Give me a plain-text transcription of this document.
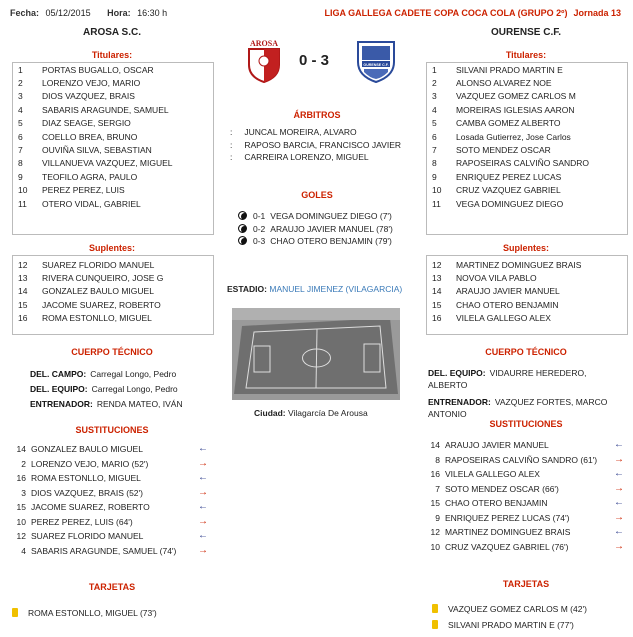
Fecha: 05/12/2015 Hora: 16:30 h	LIGA GALLEGA CADETE COPA COCA COLA (GRUPO 2º) Jornada 13
AROSA S.C.	OURENSE C.F.
AROSA
0 - 3	OURENSE C.F.
Titulares:
1	PORTAS BUGALLO, OSCAR
2	LORENZO VEJO, MARIO
3	DIOS VAZQUEZ, BRAIS
4	SABARIS ARAGUNDE, SAMUEL
5	DIAZ SEAGE, SERGIO
6	COELLO BREA, BRUNO
7	OUVIÑA SILVA, SEBASTIAN
8	VILLANUEVA VAZQUEZ, MIGUEL
9	TEOFILO AGRA, PAULO
10	PEREZ PEREZ, LUIS
11	OTERO VIDAL, GABRIEL
Suplentes:
12	SUAREZ FLORIDO MANUEL
13	RIVERA CUNQUEIRO, JOSE G
14	GONZALEZ BAULO MIGUEL
15	JACOME SUAREZ, ROBERTO
16	ROMA ESTONLLO, MIGUEL
Titulares:
1	SILVANI PRADO MARTIN E
2	ALONSO ALVAREZ NOE
3	VAZQUEZ GOMEZ CARLOS M
4	MOREIRAS IGLESIAS AARON
5	CAMBA GOMEZ ALBERTO
6	Losada Gutierrez, Jose Carlos
7	SOTO MENDEZ OSCAR
8	RAPOSEIRAS CALVIÑO SANDRO
9	ENRIQUEZ PEREZ LUCAS
10	CRUZ VAZQUEZ GABRIEL
11	VEGA DOMINGUEZ DIEGO
Suplentes:
12	MARTINEZ DOMINGUEZ BRAIS
13	NOVOA VILA PABLO
14	ARAUJO JAVIER MANUEL
15	CHAO OTERO BENJAMIN
16	VILELA GALLEGO ALEX
ÁRBITROS
: JUNCAL MOREIRA, ALVARO
: RAPOSO BARCIA, FRANCISCO JAVIER
: CARREIRA LORENZO, MIGUEL
GOLES
0-1 VEGA DOMINGUEZ DIEGO (7')
0-2 ARAUJO JAVIER MANUEL (78')
0-3 CHAO OTERO BENJAMIN (79')
ESTADIO: MANUEL JIMENEZ (VILAGARCIA)
Ciudad: Vilagarcía De Arousa
CUERPO TÉCNICO
DEL. CAMPO: Carregal Longo, Pedro
DEL. EQUIPO: Carregal Longo, Pedro
ENTRENADOR: RENDA MATEO, IVÁN
CUERPO TÉCNICO
DEL. EQUIPO: VIDAURRE HEREDERO, ALBERTO
ENTRENADOR: VAZQUEZ FORTES, MARCO ANTONIO
SUSTITUCIONES
14 GONZALEZ BAULO MIGUEL	←
2 LORENZO VEJO, MARIO (52')	→
16 ROMA ESTONLLO, MIGUEL	←
3 DIOS VAZQUEZ, BRAIS (52')	→
15 JACOME SUAREZ, ROBERTO	←
10 PEREZ PEREZ, LUIS (64')	→
12 SUAREZ FLORIDO MANUEL	←
4 SABARIS ARAGUNDE, SAMUEL (74') →
SUSTITUCIONES
14 ARAUJO JAVIER MANUEL	←
8 RAPOSEIRAS CALVIÑO SANDRO (61') →
16 VILELA GALLEGO ALEX	←
7 SOTO MENDEZ OSCAR (66')	→
15 CHAO OTERO BENJAMIN	←
9 ENRIQUEZ PEREZ LUCAS (74')	→
12 MARTINEZ DOMINGUEZ BRAIS	←
10 CRUZ VAZQUEZ GABRIEL (76')	→
TARJETAS
ROMA ESTONLLO, MIGUEL (73')
TARJETAS
VAZQUEZ GOMEZ CARLOS M (42')
SILVANI PRADO MARTIN E (77')
